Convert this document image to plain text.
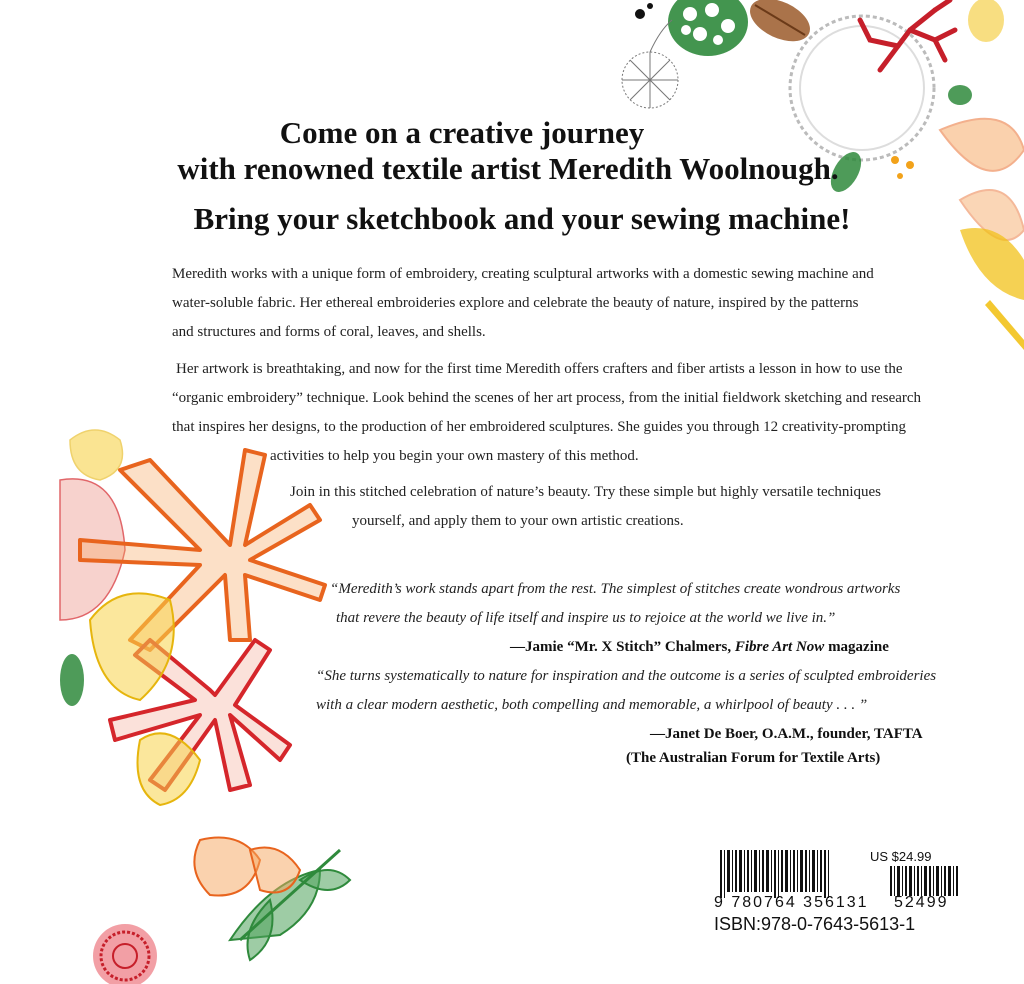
Come on a creative journey
with renowned textile artist Meredith Woolnough.
Bring your sketchbook and your sewing machine!

Meredith works with a unique form of embroidery, creating sculptural artworks with a domestic sewing machine and

water-soluble fabric. Her ethereal embroideries explore and celebrate the beauty of nature, inspired by the patterns

and structures and forms of coral, leaves, and shells.

Her artwork is breathtaking, and now for the first time Meredith offers crafters and fiber artists a lesson in how to use the

“organic embroidery” technique. Look behind the scenes of her art process, from the initial fieldwork sketching and research

that inspires her designs, to the production of her embroidered sculptures. She guides you through 12 creativity-prompting

activities to help you begin your own mastery of this method.

Join in this stitched celebration of nature’s beauty. Try these simple but highly versatile techniques

yourself, and apply them to your own artistic creations.

“Meredith’s work stands apart from the rest. The simplest of stitches create wondrous artworks

that revere the beauty of life itself and inspire us to rejoice at the world we live in.”

—Jamie “Mr. X Stitch” Chalmers, Fibre Art Now magazine

“She turns systematically to nature for inspiration and the outcome is a series of sculpted embroideries

with a clear modern aesthetic, both compelling and memorable, a whirlpool of beauty . . . ”

—Janet De Boer, O.A.M., founder, TAFTA

(The Australian Forum for Textile Arts)

US $24.99
9 780764 356131 52499
ISBN:978-0-7643-5613-1
